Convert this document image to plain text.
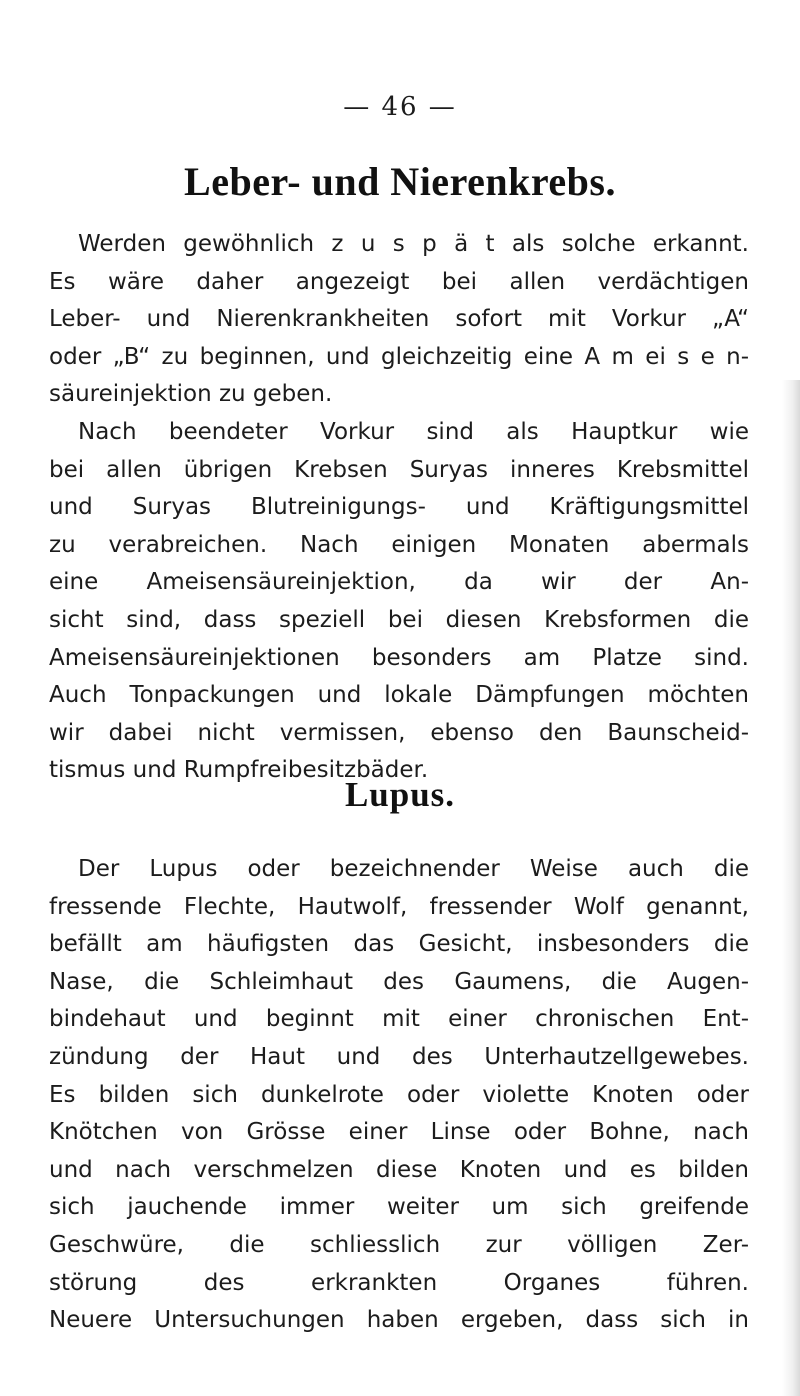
— 46 —
Leber- und Nierenkrebs.
Werden gewöhnlich z u s p ä t als solche erkannt.
Es wäre daher angezeigt bei allen verdächtigen
Leber- und Nierenkrankheiten sofort mit Vorkur „A“
oder „B“ zu beginnen, und gleichzeitig eine A m ei s e n-
säureinjektion zu geben.
Nach beendeter Vorkur sind als Hauptkur wie
bei allen übrigen Krebsen Suryas inneres Krebsmittel
und Suryas Blutreinigungs- und Kräftigungsmittel
zu verabreichen. Nach einigen Monaten abermals
eine Ameisensäureinjektion, da wir der An-
sicht sind, dass speziell bei diesen Krebsformen die
Ameisensäureinjektionen besonders am Platze sind.
Auch Tonpackungen und lokale Dämpfungen möchten
wir dabei nicht vermissen, ebenso den Baunscheid-
tismus und Rumpfreibesitzbäder.
Lupus.
Der Lupus oder bezeichnender Weise auch die
fressende Flechte, Hautwolf, fressender Wolf genannt,
befällt am häufigsten das Gesicht, insbesonders die
Nase, die Schleimhaut des Gaumens, die Augen-
bindehaut und beginnt mit einer chronischen Ent-
zündung der Haut und des Unterhautzellgewebes.
Es bilden sich dunkelrote oder violette Knoten oder
Knötchen von Grösse einer Linse oder Bohne, nach
und nach verschmelzen diese Knoten und es bilden
sich jauchende immer weiter um sich greifende
Geschwüre, die schliesslich zur völligen Zer-
störung des erkrankten Organes führen.
Neuere Untersuchungen haben ergeben, dass sich in
